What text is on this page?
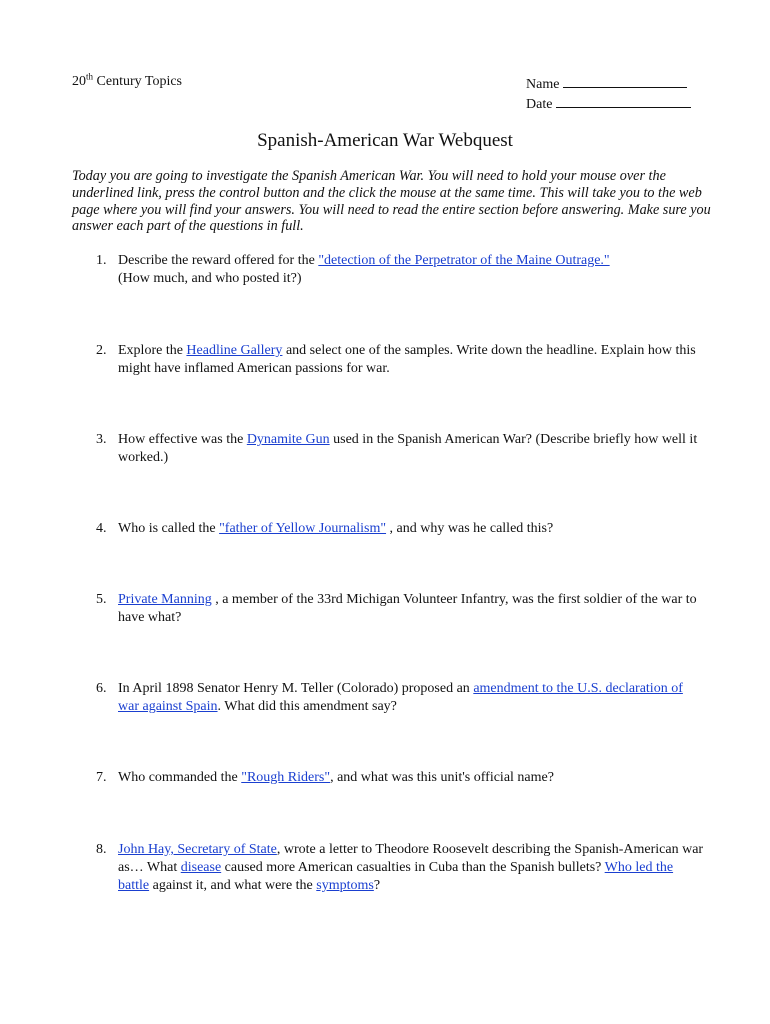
20th Century Topics	Name
Date
Spanish-American War Webquest
Today you are going to investigate the Spanish American War. You will need to hold your mouse over the underlined link, press the control button and the click the mouse at the same time. This will take you to the web page where you will find your answers. You will need to read the entire section before answering. Make sure you answer each part of the questions in full.
1. Describe the reward offered for the "detection of the Perpetrator of the Maine Outrage."
(How much, and who posted it?)
2. Explore the Headline Gallery and select one of the samples. Write down the headline. Explain how this might have inflamed American passions for war.
3. How effective was the Dynamite Gun used in the Spanish American War? (Describe briefly how well it worked.)
4. Who is called the "father of Yellow Journalism" , and why was he called this?
5. Private Manning , a member of the 33rd Michigan Volunteer Infantry, was the first soldier of the war to have what?
6. In April 1898 Senator Henry M. Teller (Colorado) proposed an amendment to the U.S. declaration of war against Spain. What did this amendment say?
7. Who commanded the "Rough Riders", and what was this unit's official name?
8. John Hay, Secretary of State, wrote a letter to Theodore Roosevelt describing the Spanish-American war as… What disease caused more American casualties in Cuba than the Spanish bullets? Who led the battle against it, and what were the symptoms?
